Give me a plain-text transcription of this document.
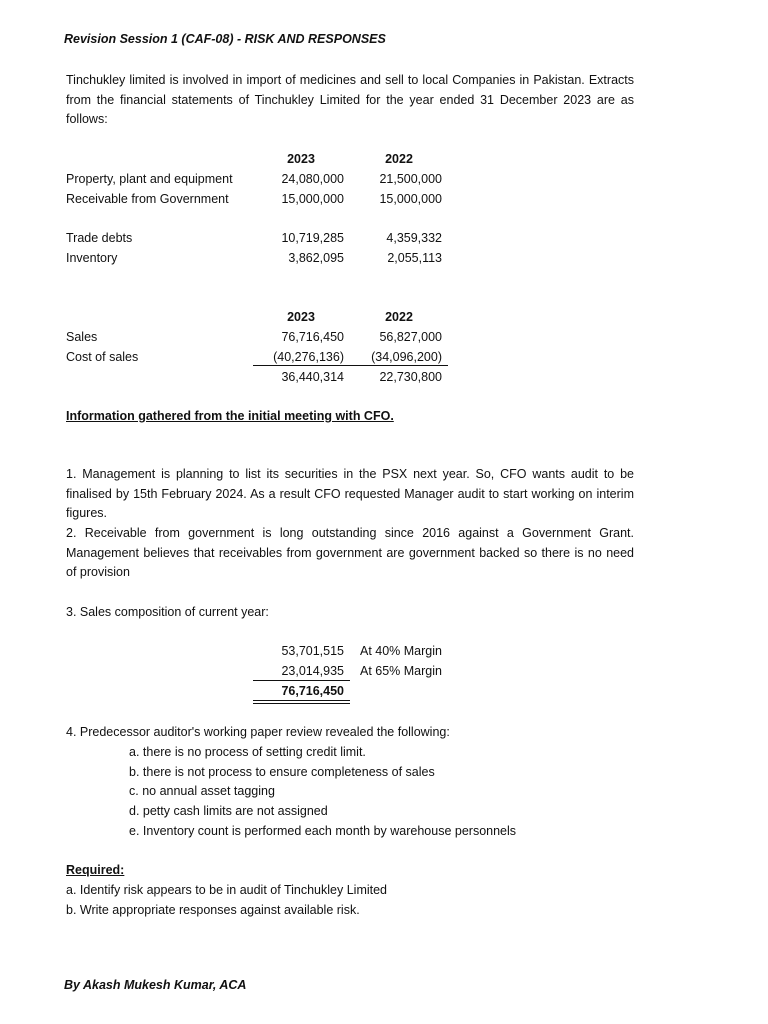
Revision Session 1 (CAF-08) - RISK AND RESPONSES
Tinchukley limited is involved in import of medicines and sell to local Companies in Pakistan. Extracts from the financial statements of Tinchukley Limited for the year ended 31 December 2023 are as follows:
2023	2022
Property, plant and equipment	24,080,000	21,500,000
Receivable from Government	15,000,000	15,000,000
Trade debts	10,719,285	4,359,332
Inventory	3,862,095	2,055,113
2023	2022
Sales	76,716,450	56,827,000
Cost of sales	(40,276,136)	(34,096,200)
36,440,314	22,730,800
Information gathered from the initial meeting with CFO.
1. Management is planning to list its securities in the PSX next year. So, CFO wants audit to be finalised by 15th February 2024. As a result CFO requested Manager audit to start working on interim figures.
2. Receivable from government is long outstanding since 2016 against a Government Grant. Management believes that receivables from government are government backed so there is no need of provision
3. Sales composition of current year:
53,701,515 At 40% Margin
23,014,935 At 65% Margin
76,716,450
4. Predecessor auditor's working paper review revealed the following:
a. there is no process of setting credit limit.
b. there is not process to ensure completeness of sales
c. no annual asset tagging
d. petty cash limits are not assigned
e. Inventory count is performed each month by warehouse personnels
Required:
a. Identify risk appears to be in audit of Tinchukley Limited
b. Write appropriate responses against available risk.
By Akash Mukesh Kumar, ACA
